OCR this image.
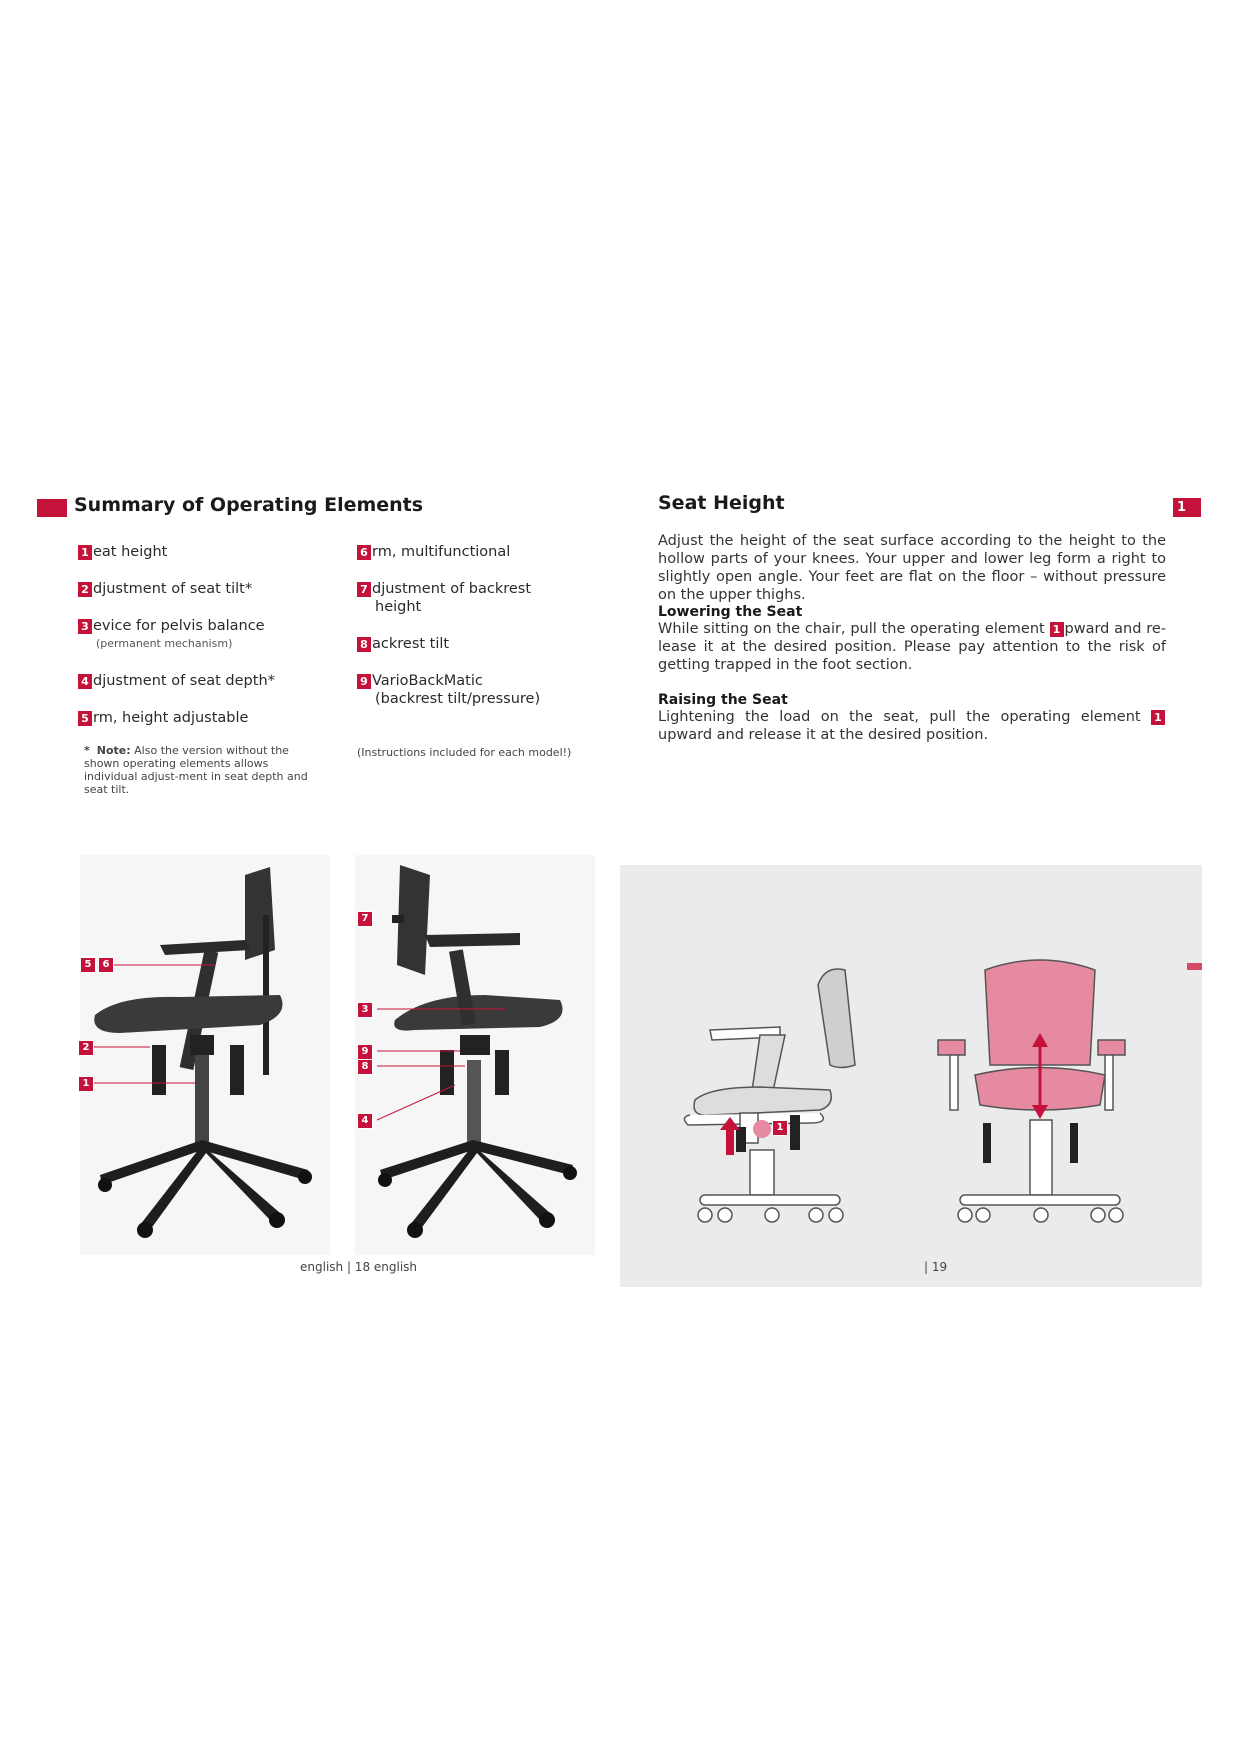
Summary of Operating Elements
1 eat height
2 djustment of seat tilt*
3 evice for pelvis balance
(permanent mechanism)
4 djustment of seat depth*
5 rm, height adjustable
6 rm, multifunctional
7 djustment of backrest
height
8 ackrest tilt
9 VarioBackMatic
(backrest tilt/pressure)
* Note: Also the version without the shown operating elements allows individual adjust-ment in seat depth and seat tilt.
(Instructions included for each model!)
5	6
2
1
7
3
9
8
4
english | 18 english
Seat Height	1
Adjust the height of the seat surface according to the height to the hollow parts of your knees. Your upper and lower leg form a right to slightly open angle. Your feet are flat on the floor – without pressure on the upper thighs.
Lowering the Seat
While sitting on the chair, pull the operating element 1 pward and re-lease it at the desired position. Please pay attention to the risk of getting trapped in the foot section.
Raising the Seat
Lightening the load on the seat, pull the operating element 1 upward and release it at the desired position.
1
| 19
